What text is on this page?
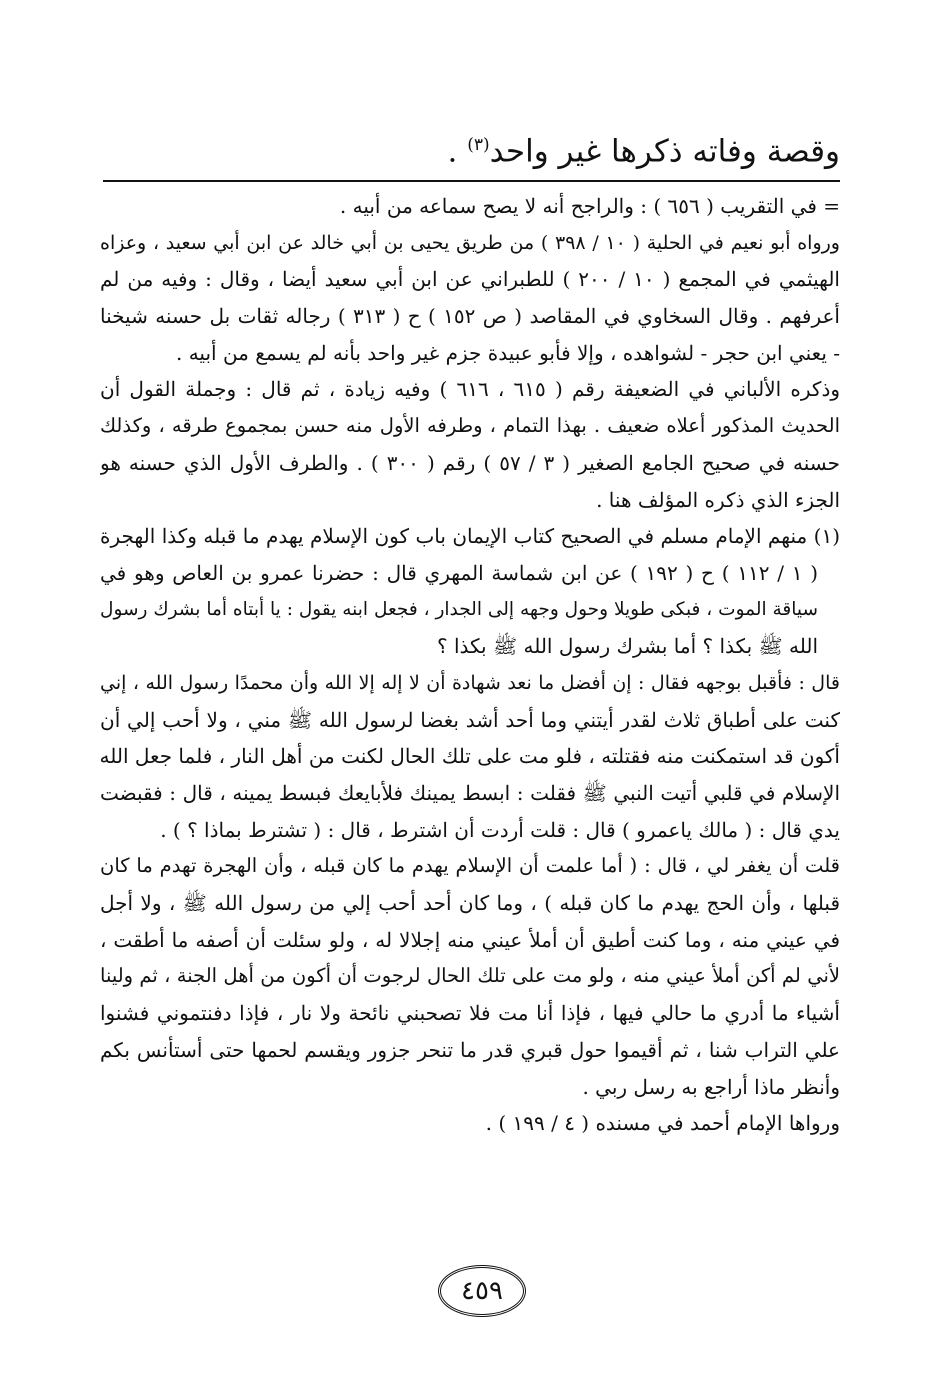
وقصة وفاته ذكرها غير واحد$^{(٣)}$ .
= في التقريب ( ٦٥٦ ) : والراجح أنه لا يصح سماعه من أبيه .
ورواه أبو نعيم في الحلية ( ١٠ / ٣٩٨ ) من طريق يحيى بن أبي خالد عن ابن أبي سعيد ، وعزاه
الهيثمي في المجمع ( ١٠ / ٢٠٠ ) للطبراني عن ابن أبي سعيد أيضا ، وقال : وفيه من لم
أعرفهم . وقال السخاوي في المقاصد ( ص ١٥٢ ) ح ( ٣١٣ ) رجاله ثقات بل حسنه شيخنا
- يعني ابن حجر - لشواهده ، وإلا فأبو عبيدة جزم غير واحد بأنه لم يسمع من أبيه .
وذكره الألباني في الضعيفة رقم ( ٦١٥ ، ٦١٦ ) وفيه زيادة ، ثم قال : وجملة القول أن
الحديث المذكور أعلاه ضعيف . بهذا التمام ، وطرفه الأول منه حسن بمجموع طرقه ، وكذلك
حسنه في صحيح الجامع الصغير ( ٣ / ٥٧ ) رقم ( ٣٠٠ ) . والطرف الأول الذي حسنه هو
الجزء الذي ذكره المؤلف هنا .
(١) منهم الإمام مسلم في الصحيح كتاب الإيمان باب كون الإسلام يهدم ما قبله وكذا الهجرة
( ١ / ١١٢ ) ح ( ١٩٢ ) عن ابن شماسة المهري قال : حضرنا عمرو بن العاص وهو في
سياقة الموت ، فبكى طويلا وحول وجهه إلى الجدار ، فجعل ابنه يقول : يا أبتاه أما بشرك رسول
الله ﷺ بكذا ؟ أما بشرك رسول الله ﷺ بكذا ؟
قال : فأقبل بوجهه فقال : إن أفضل ما نعد شهادة أن لا إله إلا الله وأن محمدًا رسول الله ، إني
كنت على أطباق ثلاث لقدر أيتني وما أحد أشد بغضا لرسول الله ﷺ مني ، ولا أحب إلي أن
أكون قد استمكنت منه فقتلته ، فلو مت على تلك الحال لكنت من أهل النار ، فلما جعل الله
الإسلام في قلبي أتيت النبي ﷺ فقلت : ابسط يمينك فلأبايعك فبسط يمينه ، قال : فقبضت
يدي قال : ( مالك ياعمرو ) قال : قلت أردت أن اشترط ، قال : ( تشترط بماذا ؟ ) .
قلت أن يغفر لي ، قال : ( أما علمت أن الإسلام يهدم ما كان قبله ، وأن الهجرة تهدم ما كان
قبلها ، وأن الحج يهدم ما كان قبله ) ، وما كان أحد أحب إلي من رسول الله ﷺ ، ولا أجل
في عيني منه ، وما كنت أطيق أن أملأ عيني منه إجلالا له ، ولو سئلت أن أصفه ما أطقت ،
لأني لم أكن أملأ عيني منه ، ولو مت على تلك الحال لرجوت أن أكون من أهل الجنة ، ثم ولينا
أشياء ما أدري ما حالي فيها ، فإذا أنا مت فلا تصحبني نائحة ولا نار ، فإذا دفنتموني فشنوا
علي التراب شنا ، ثم أقيموا حول قبري قدر ما تنحر جزور ويقسم لحمها حتى أستأنس بكم
وأنظر ماذا أراجع به رسل ربي .
ورواها الإمام أحمد في مسنده ( ٤ / ١٩٩ ) .
٤٥٩
